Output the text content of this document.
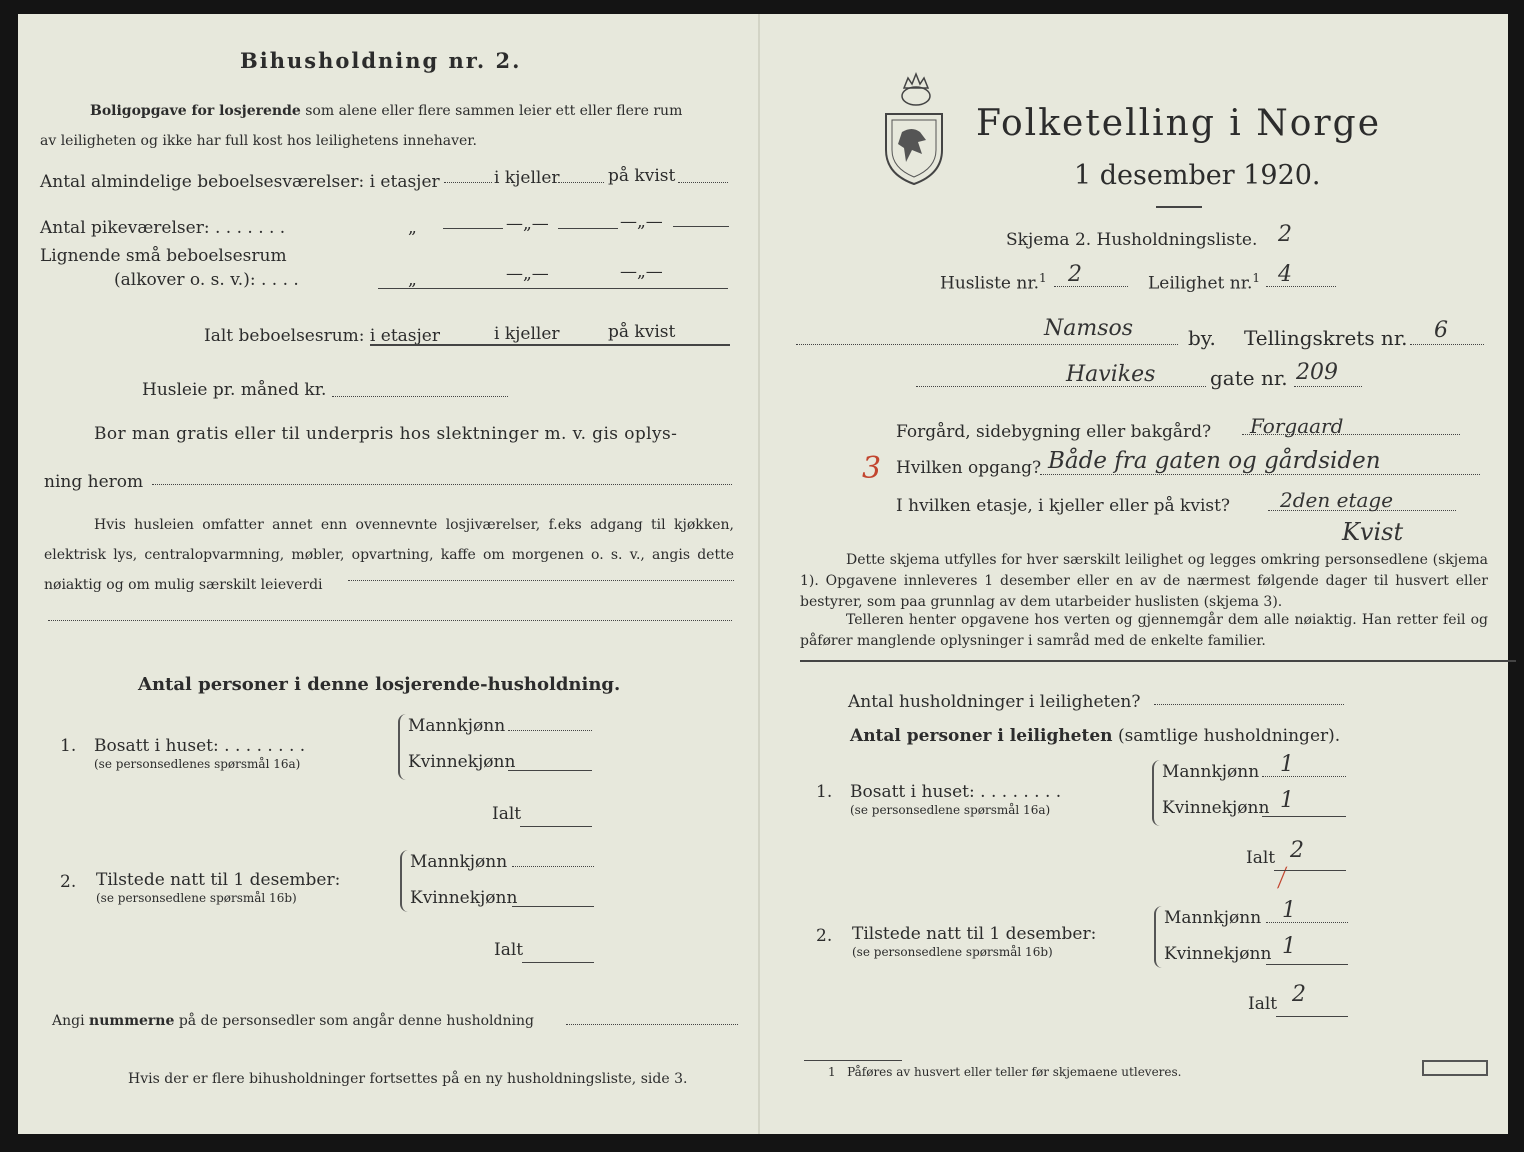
Bihusholdning nr. 2.
Boligopgave for losjerende som alene eller flere sammen leier ett eller flere rum
av leiligheten og ikke har full kost hos leilighetens innehaver.
Antal almindelige beboelsesværelser: i etasjer	i kjeller	på kvist
Antal pikeværelser: . . . . . . .	„	—„—	—„—
Lignende små beboelsesrum
(alkover o. s. v.): . . . .	„	—„—	—„—
Ialt beboelsesrum: i etasjer	i kjeller	på kvist
Husleie pr. måned kr.
Bor man gratis eller til underpris hos slektninger m. v. gis oplys-
ning herom
Hvis husleien omfatter annet enn ovennevnte losjiværelser, f.eks adgang til kjøkken, elektrisk lys, centralopvarmning, møbler, opvartning, kaffe om morgenen o. s. v., angis dette nøiaktig og om mulig særskilt leieverdi
Antal personer i denne losjerende-husholdning.
1. Bosatt i huset: . . . . . . . .
(se personsedlenes spørsmål 16a)
Mannkjønn
Kvinnekjønn
Ialt
2. Tilstede natt til 1 desember:
(se personsedlene spørsmål 16b)
Mannkjønn
Kvinnekjønn
Ialt
Angi nummerne på de personsedler som angår denne husholdning
Hvis der er flere bihusholdninger fortsettes på en ny husholdningsliste, side 3.
Folketelling i Norge
1 desember 1920.
Skjema 2. Husholdningsliste. 2
Husliste nr.$^1$ 2	Leilighet nr.$^1$ 4
Namsos	by. Tellingskrets nr. 6
Havikes	gate nr. 209
Forgård, sidebygning eller bakgård? Forgaard
3 Hvilken opgang? Både fra gaten og gårdsiden
I hvilken etasje, i kjeller eller på kvist? 2den etage
Kvist
Dette skjema utfylles for hver særskilt leilighet og legges omkring personsedlene (skjema 1). Opgavene innleveres 1 desember eller en av de nærmest følgende dager til husvert eller bestyrer, som paa grunnlag av dem utarbeider huslisten (skjema 3).
Telleren henter opgavene hos verten og gjennemgår dem alle nøiaktig. Han retter feil og påfører manglende oplysninger i samråd med de enkelte familier.
Antal husholdninger i leiligheten?
Antal personer i leiligheten (samtlige husholdninger).
1. Bosatt i huset: . . . . . . . .
(se personsedlene spørsmål 16a)
Mannkjønn 1
Kvinnekjønn 1
Ialt 2
⟋
2. Tilstede natt til 1 desember:
(se personsedlene spørsmål 16b)
Mannkjønn 1
Kvinnekjønn 1
Ialt 2
1 Påføres av husvert eller teller før skjemaene utleveres.
